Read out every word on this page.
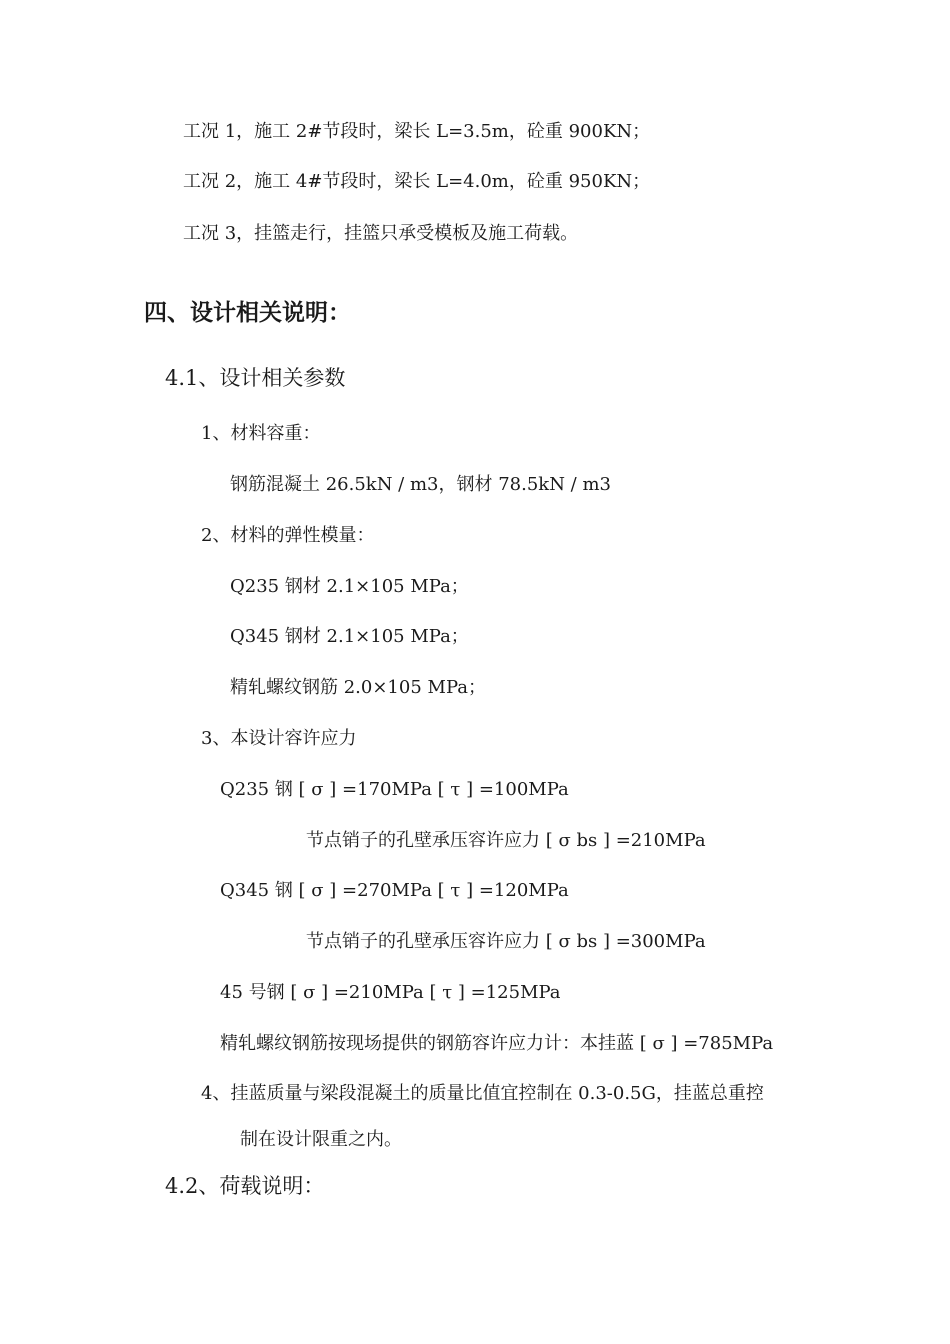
工况 1，施工 2#节段时，梁长 L=3.5m，砼重 900KN；
工况 2，施工 4#节段时，梁长 L=4.0m，砼重 950KN；
工况 3，挂篮走行，挂篮只承受模板及施工荷载。
四、设计相关说明：
4.1、设计相关参数
1、材料容重：
钢筋混凝土 26.5kN / m3，钢材 78.5kN / m3
2、材料的弹性模量：
Q235 钢材 2.1×105 MPa；
Q345 钢材 2.1×105 MPa；
精轧螺纹钢筋 2.0×105 MPa；
3、本设计容许应力
Q235 钢 [ σ ] =170MPa [ τ ] =100MPa
节点销子的孔壁承压容许应力 [ σ bs ] =210MPa
Q345 钢 [ σ ] =270MPa [ τ ] =120MPa
节点销子的孔壁承压容许应力 [ σ bs ] =300MPa
45 号钢 [ σ ] =210MPa [ τ ] =125MPa
精轧螺纹钢筋按现场提供的钢筋容许应力计：本挂蓝 [ σ ] =785MPa
4、挂蓝质量与梁段混凝土的质量比值宜控制在 0.3-0.5G，挂蓝总重控
制在设计限重之内。
4.2、荷载说明：
